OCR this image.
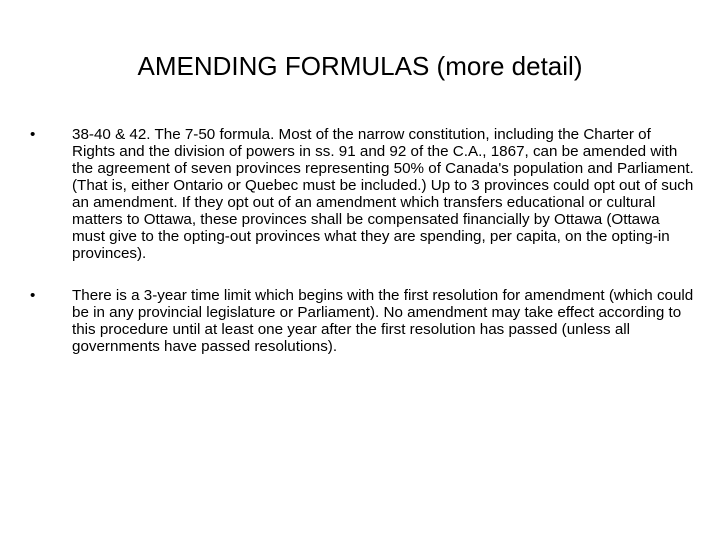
AMENDING FORMULAS (more detail)
•	38-40 & 42. The 7-50 formula. Most of the narrow constitution, including the Charter of Rights and the division of powers in ss. 91 and 92 of the C.A., 1867, can be amended with the agreement of seven provinces representing 50% of Canada's population and Parliament. (That is, either Ontario or Quebec must be included.) Up to 3 provinces could opt out of such an amendment. If they opt out of an amendment which transfers educational or cultural matters to Ottawa, these provinces shall be compensated financially by Ottawa (Ottawa must give to the opting-out provinces what they are spending, per capita, on the opting-in provinces).
•	There is a 3-year time limit which begins with the first resolution for amendment (which could be in any provincial legislature or Parliament). No amendment may take effect according to this procedure until at least one year after the first resolution has passed (unless all governments have passed resolutions).
